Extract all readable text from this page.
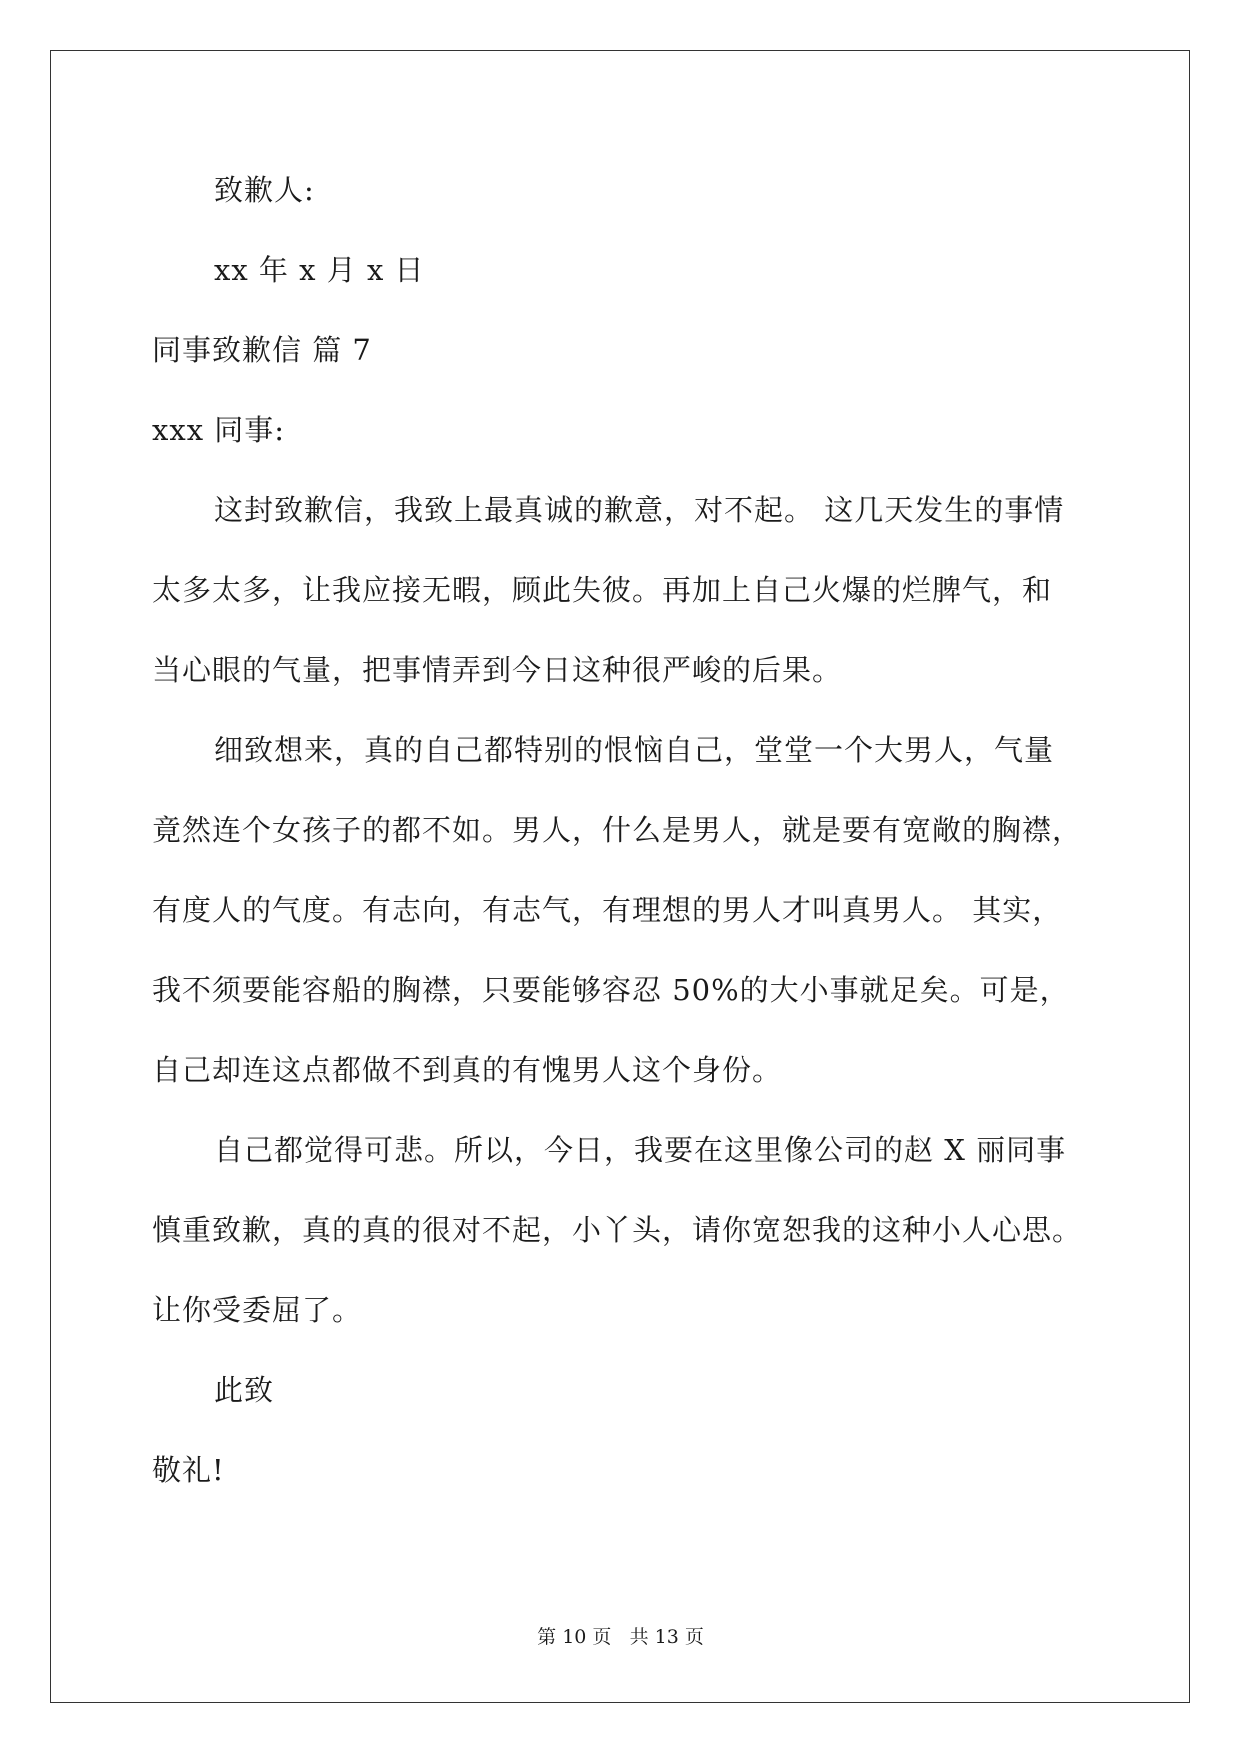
致歉人:
xx 年 x 月 x 日
同事致歉信 篇 7
xxx 同事:
这封致歉信，我致上最真诚的歉意，对不起。 这几天发生的事情
太多太多，让我应接无暇，顾此失彼。再加上自己火爆的烂脾气，和
当心眼的气量，把事情弄到今日这种很严峻的后果。
细致想来，真的自己都特别的恨恼自己，堂堂一个大男人，气量
竟然连个女孩子的都不如。男人，什么是男人，就是要有宽敞的胸襟，
有度人的气度。有志向，有志气，有理想的男人才叫真男人。 其实，
我不须要能容船的胸襟，只要能够容忍 50%的大小事就足矣。可是，
自己却连这点都做不到真的有愧男人这个身份。
自己都觉得可悲。所以，今日，我要在这里像公司的赵 X 丽同事
慎重致歉，真的真的很对不起，小丫头，请你宽恕我的这种小人心思。
让你受委屈了。
此致
敬礼!
第 10 页 共 13 页
